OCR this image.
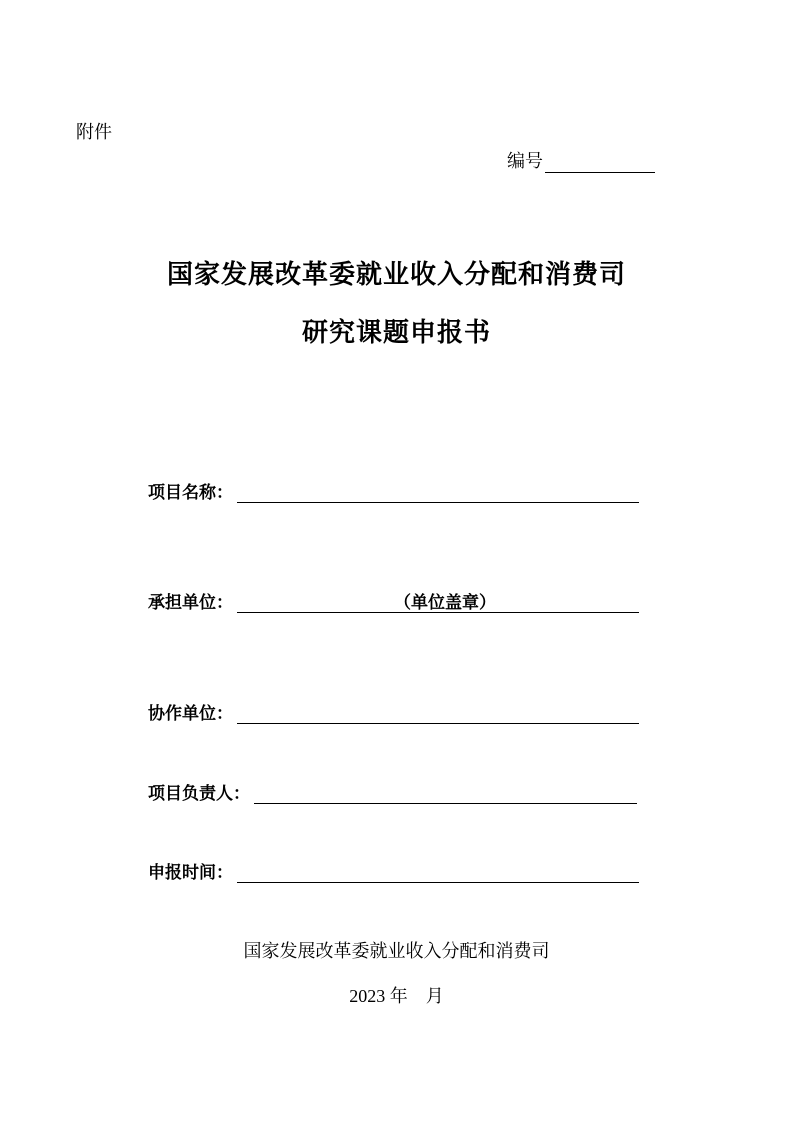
附件
编号
国家发展改革委就业收入分配和消费司
研究课题申报书
项目名称：
承担单位：	（单位盖章）
协作单位：
项目负责人：
申报时间：
国家发展改革委就业收入分配和消费司
2023 年　月
